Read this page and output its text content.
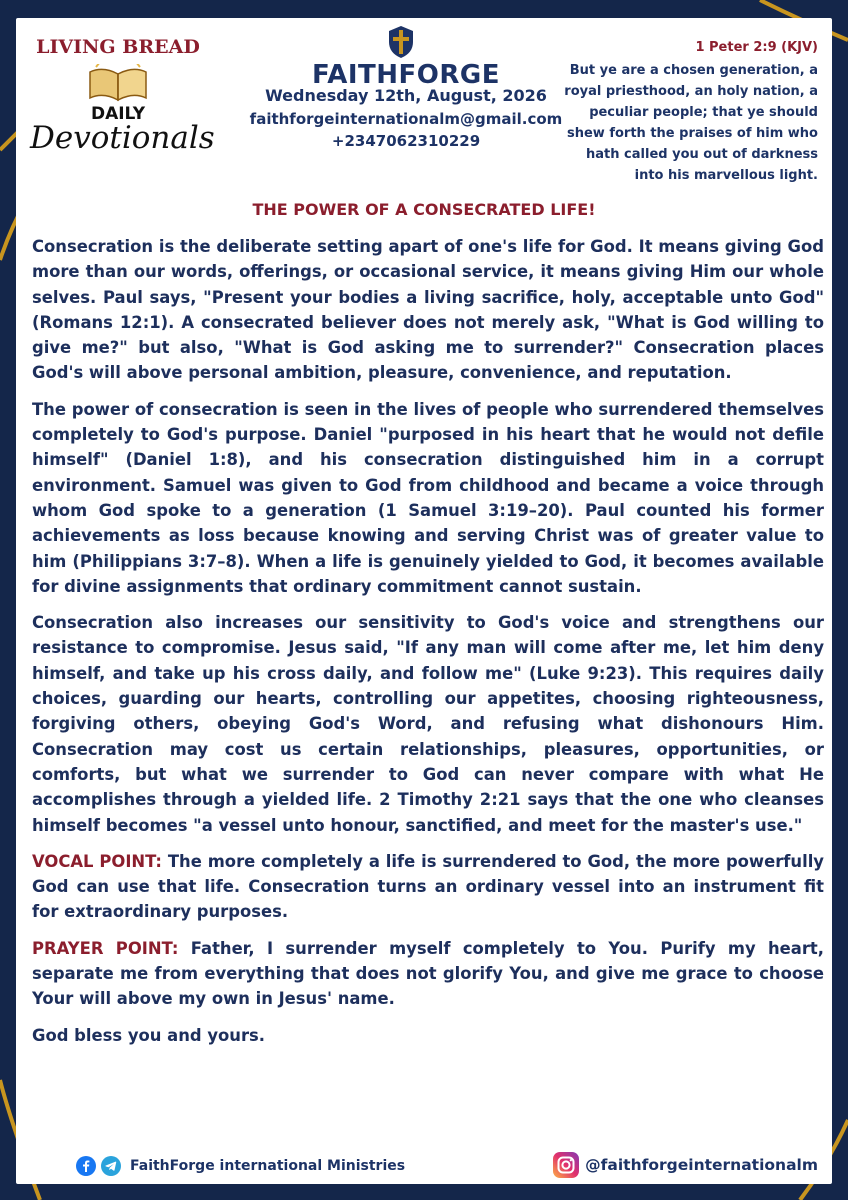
LIVING BREAD
DAILY
Devotionals
FAITHFORGE
Wednesday 12th, August, 2026
faithforgeinternationalm@gmail.com
+2347062310229
1 Peter 2:9 (KJV)
But ye are a chosen generation, a royal priesthood, an holy nation, a peculiar people; that ye should shew forth the praises of him who hath called you out of darkness into his marvellous light.
THE POWER OF A CONSECRATED LIFE!

Consecration is the deliberate setting apart of one's life for God. It means giving God more than our words, offerings, or occasional service, it means giving Him our whole selves. Paul says, "Present your bodies a living sacrifice, holy, acceptable unto God" (Romans 12:1). A consecrated believer does not merely ask, "What is God willing to give me?" but also, "What is God asking me to surrender?" Consecration places God's will above personal ambition, pleasure, convenience, and reputation.

The power of consecration is seen in the lives of people who surrendered themselves completely to God's purpose. Daniel "purposed in his heart that he would not defile himself" (Daniel 1:8), and his consecration distinguished him in a corrupt environment. Samuel was given to God from childhood and became a voice through whom God spoke to a generation (1 Samuel 3:19–20). Paul counted his former achievements as loss because knowing and serving Christ was of greater value to him (Philippians 3:7–8). When a life is genuinely yielded to God, it becomes available for divine assignments that ordinary commitment cannot sustain.

Consecration also increases our sensitivity to God's voice and strengthens our resistance to compromise. Jesus said, "If any man will come after me, let him deny himself, and take up his cross daily, and follow me" (Luke 9:23). This requires daily choices, guarding our hearts, controlling our appetites, choosing righteousness, forgiving others, obeying God's Word, and refusing what dishonours Him. Consecration may cost us certain relationships, pleasures, opportunities, or comforts, but what we surrender to God can never compare with what He accomplishes through a yielded life. 2 Timothy 2:21 says that the one who cleanses himself becomes "a vessel unto honour, sanctified, and meet for the master's use."

VOCAL POINT: The more completely a life is surrendered to God, the more powerfully God can use that life. Consecration turns an ordinary vessel into an instrument fit for extraordinary purposes.

PRAYER POINT: Father, I surrender myself completely to You. Purify my heart, separate me from everything that does not glorify You, and give me grace to choose Your will above my own in Jesus' name.

God bless you and yours.

FaithForge international Ministries	@faithforgeinternationalm
